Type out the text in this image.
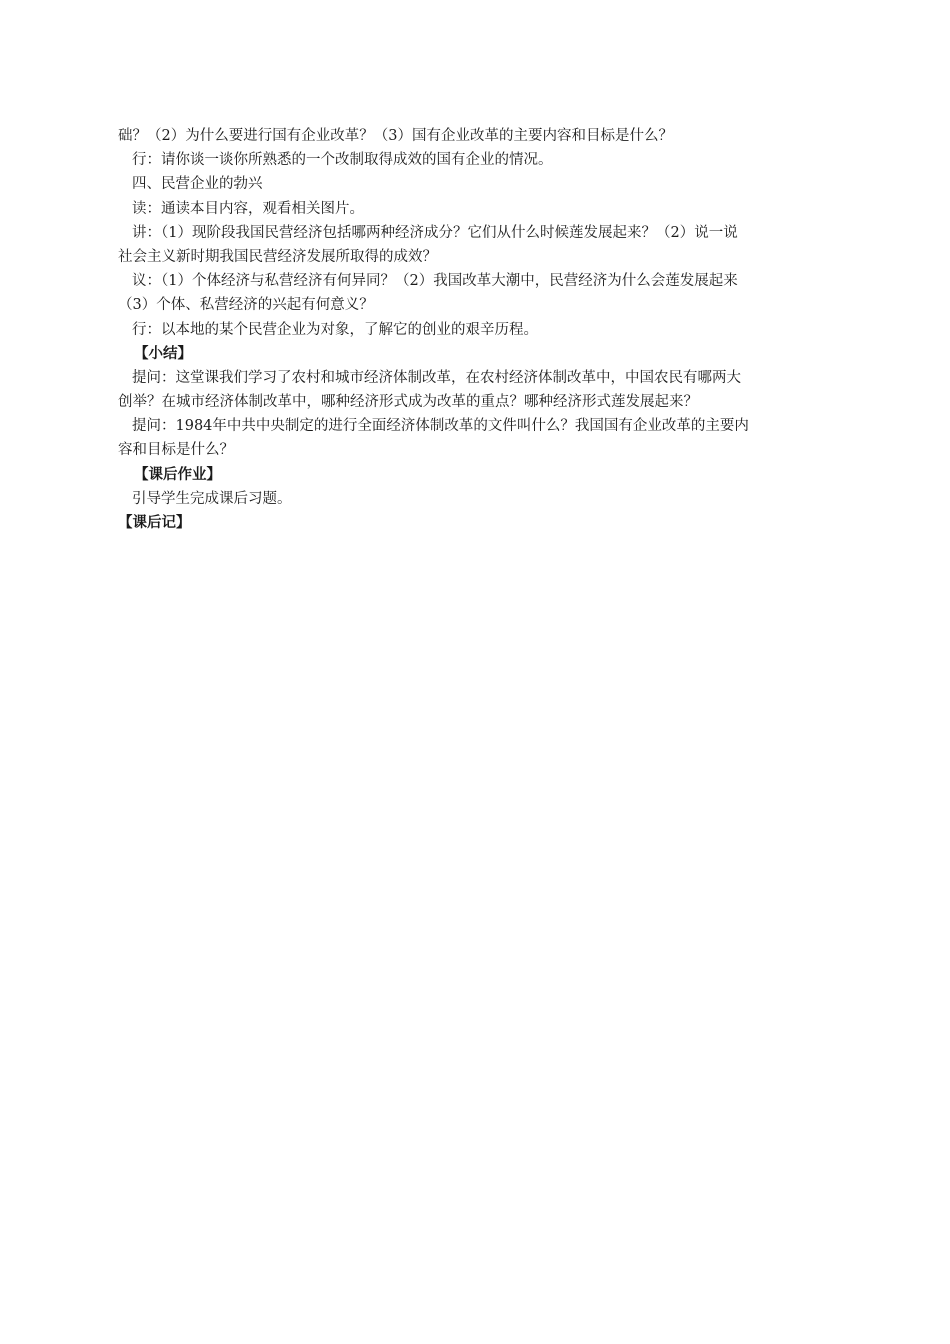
础？（2）为什么要进行国有企业改革？（3）国有企业改革的主要内容和目标是什么？
行：请你谈一谈你所熟悉的一个改制取得成效的国有企业的情况。
四、民营企业的勃兴
读：通读本目内容，观看相关图片。
讲：（1）现阶段我国民营经济包括哪两种经济成分？它们从什么时候莲发展起来？（2）说一说
社会主义新时期我国民营经济发展所取得的成效？
议：（1）个体经济与私营经济有何异同？（2）我国改革大潮中，民营经济为什么会莲发展起来
（3）个体、私营经济的兴起有何意义？
行：以本地的某个民营企业为对象，了解它的创业的艰辛历程。
【小结】
提问：这堂课我们学习了农村和城市经济体制改革，在农村经济体制改革中，中国农民有哪两大
创举？在城市经济体制改革中，哪种经济形式成为改革的重点？哪种经济形式莲发展起来？
提问：1984年中共中央制定的进行全面经济体制改革的文件叫什么？我国国有企业改革的主要内
容和目标是什么？
【课后作业】
引导学生完成课后习题。
【课后记】
